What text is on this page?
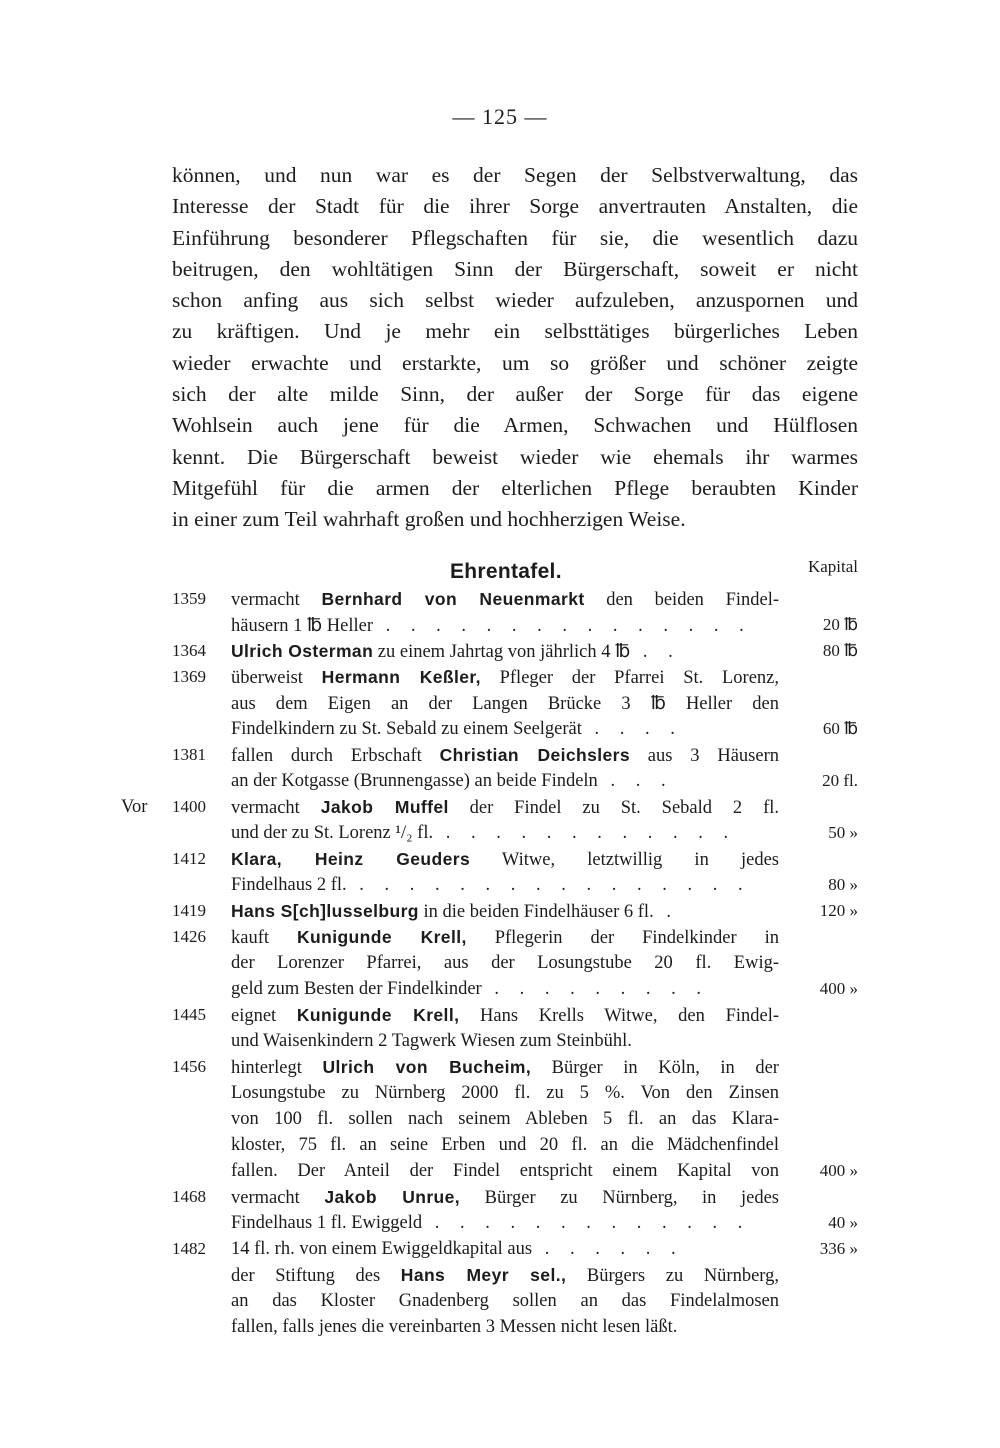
— 125 —
können, und nun war es der Segen der Selbstverwaltung, das
Interesse der Stadt für die ihrer Sorge anvertrauten Anstalten, die
Einführung besonderer Pflegschaften für sie, die wesentlich dazu
beitrugen, den wohltätigen Sinn der Bürgerschaft, soweit er nicht
schon anfing aus sich selbst wieder aufzuleben, anzuspornen und
zu kräftigen. Und je mehr ein selbsttätiges bürgerliches Leben
wieder erwachte und erstarkte, um so größer und schöner zeigte
sich der alte milde Sinn, der außer der Sorge für das eigene
Wohlsein auch jene für die Armen, Schwachen und Hülflosen
kennt. Die Bürgerschaft beweist wieder wie ehemals ihr warmes
Mitgefühl für die armen der elterlichen Pflege beraubten Kinder
in einer zum Teil wahrhaft großen und hochherzigen Weise.
Ehrentafel.	Kapital
1359 vermacht Bernhard von Neuenmarkt den beiden Findel-
häusern 1 ℔ Heller . . . . . . . . . . . . . . .	20 ℔
1364 Ulrich Osterman zu einem Jahrtag von jährlich 4 ℔ . .	80 ℔
1369 überweist Hermann Keßler, Pfleger der Pfarrei St. Lorenz,
aus dem Eigen an der Langen Brücke 3 ℔ Heller den
Findelkindern zu St. Sebald zu einem Seelgerät . . . .	60 ℔
1381 fallen durch Erbschaft Christian Deichslers aus 3 Häusern
an der Kotgasse (Brunnengasse) an beide Findeln . . .	20 fl.
Vor 1400 vermacht Jakob Muffel der Findel zu St. Sebald 2 fl.
und der zu St. Lorenz ¹/₂ fl. . . . . . . . . . . . .	50 »
1412 Klara, Heinz Geuders Witwe, letztwillig in jedes
Findelhaus 2 fl. . . . . . . . . . . . . . . . .	80 »
1419 Hans S[ch]lusselburg in die beiden Findelhäuser 6 fl. .	120 »
1426 kauft Kunigunde Krell, Pflegerin der Findelkinder in
der Lorenzer Pfarrei, aus der Losungstube 20 fl. Ewig-
geld zum Besten der Findelkinder . . . . . . . . .	400 »
1445 eignet Kunigunde Krell, Hans Krells Witwe, den Findel-
und Waisenkindern 2 Tagwerk Wiesen zum Steinbühl.
1456 hinterlegt Ulrich von Bucheim, Bürger in Köln, in der
Losungstube zu Nürnberg 2000 fl. zu 5 %. Von den Zinsen
von 100 fl. sollen nach seinem Ableben 5 fl. an das Klara-
kloster, 75 fl. an seine Erben und 20 fl. an die Mädchenfindel
fallen. Der Anteil der Findel entspricht einem Kapital von	400 »
1468 vermacht Jakob Unrue, Bürger zu Nürnberg, in jedes
Findelhaus 1 fl. Ewiggeld . . . . . . . . . . . . .	40 »
1482 14 fl. rh. von einem Ewiggeldkapital aus . . . . . .	336 »
der Stiftung des Hans Meyr sel., Bürgers zu Nürnberg,
an das Kloster Gnadenberg sollen an das Findelalmosen
fallen, falls jenes die vereinbarten 3 Messen nicht lesen läßt.
